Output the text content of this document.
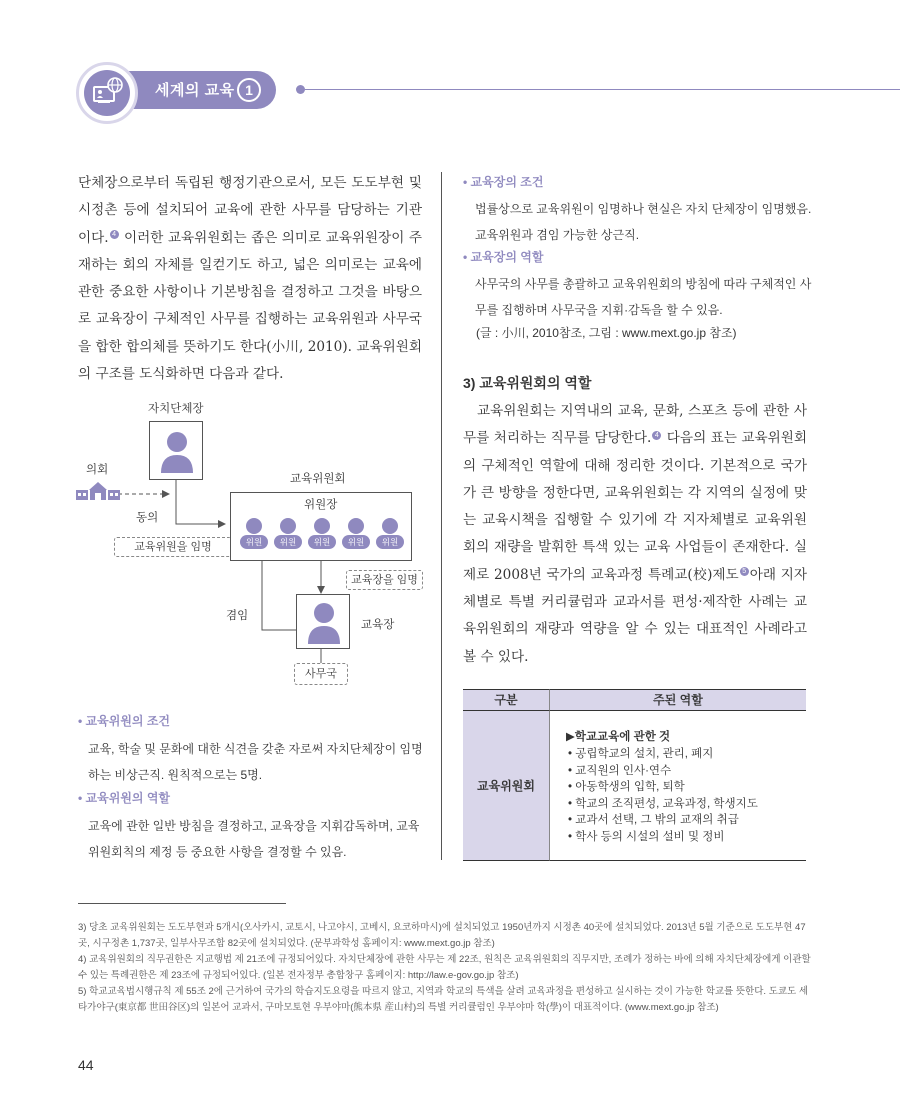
세계의 교육 1
단체장으로부터 독립된 행정기관으로서, 모든 도도부현 및 시정촌 등에 설치되어 교육에 관한 사무를 담당하는 기관이다. 4 이러한 교육위원회는 좁은 의미로 교육위원장이 주재하는 회의 자체를 일컫기도 하고, 넓은 의미로는 교육에 관한 중요한 사항이나 기본방침을 결정하고 그것을 바탕으로 교육장이 구체적인 사무를 집행하는 교육위원과 사무국을 합한 합의체를 뜻하기도 한다(小川, 2010). 교육위원회의 구조를 도식화하면 다음과 같다.
자치단체장
의회
동의
교육위원을 임명
교육위원회
위원장
위원	위원	위원	위원	위원
교육장을 임명
겸임
교육장
사무국
• 교육위원의 조건
교육, 학술 및 문화에 대한 식견을 갖춘 자로써 자치단체장이 임명하는 비상근직. 원칙적으로는 5명.
• 교육위원의 역할
교육에 관한 일반 방침을 결정하고, 교육장을 지휘감독하며, 교육위원회칙의 제정 등 중요한 사항을 결정할 수 있음.
• 교육장의 조건
법률상으로 교육위원이 임명하나 현실은 자치 단체장이 임명했음. 교육위원과 겸임 가능한 상근직.
• 교육장의 역할
사무국의 사무를 총괄하고 교육위원회의 방침에 따라 구체적인 사무를 집행하며 사무국을 지휘·감독을 할 수 있음.
(글 : 小川, 2010참조, 그림 : www.mext.go.jp 참조)
3) 교육위원회의 역할
교육위원회는 지역내의 교육, 문화, 스포츠 등에 관한 사무를 처리하는 직무를 담당한다. 4 다음의 표는 교육위원회의 구체적인 역할에 대해 정리한 것이다. 기본적으로 국가가 큰 방향을 정한다면, 교육위원회는 각 지역의 실정에 맞는 교육시책을 집행할 수 있기에 각 지자체별로 교육위원회의 재량을 발휘한 특색 있는 교육 사업들이 존재한다. 실제로 2008년 국가의 교육과정 특례교(校)제도 5 아래 지자체별로 특별 커리큘럼과 교과서를 편성·제작한 사례는 교육위원회의 재량과 역량을 알 수 있는 대표적인 사례라고 볼 수 있다.
구분	주된 역할
교육위원회
▶학교교육에 관한 것
• 공립학교의 설치, 관리, 폐지
• 교직원의 인사·연수
• 아동학생의 입학, 퇴학
• 학교의 조직편성, 교육과정, 학생지도
• 교과서 선택, 그 밖의 교재의 취급
• 학사 등의 시설의 설비 및 정비
3) 당초 교육위원회는 도도부현과 5개시(오사카시, 교토시, 나고야시, 고베시, 요코하마시)에 설치되었고 1950년까지 시정촌 40곳에 설치되었다. 2013년 5월 기준으로 도도부현 47곳, 시구정촌 1,737곳, 일부사무조합 82곳에 설치되었다. (문부과학성 홈페이지: www.mext.go.jp 참조)
4) 교육위원회의 직무권한은 지교행법 제 21조에 규정되어있다. 자치단체장에 관한 사무는 제 22조, 원칙은 교육위원회의 직무지만, 조례가 정하는 바에 의해 자치단체장에게 이관할 수 있는 특례권한은 제 23조에 규정되어있다. (일본 전자정부 총합창구 홈페이지: http://law.e-gov.go.jp 참조)
5) 학교교육법시행규칙 제 55조 2에 근거하여 국가의 학습지도요령을 따르지 않고, 지역과 학교의 특색을 살려 교육과정을 편성하고 실시하는 것이 가능한 학교를 뜻한다. 도쿄도 세타가야구(東京都 世田谷区)의 일본어 교과서, 구마모토현 우부야마(熊本県 産山村)의 특별 커리큘럼인 우부야마 학(學)이 대표적이다. (www.mext.go.jp 참조)
44
